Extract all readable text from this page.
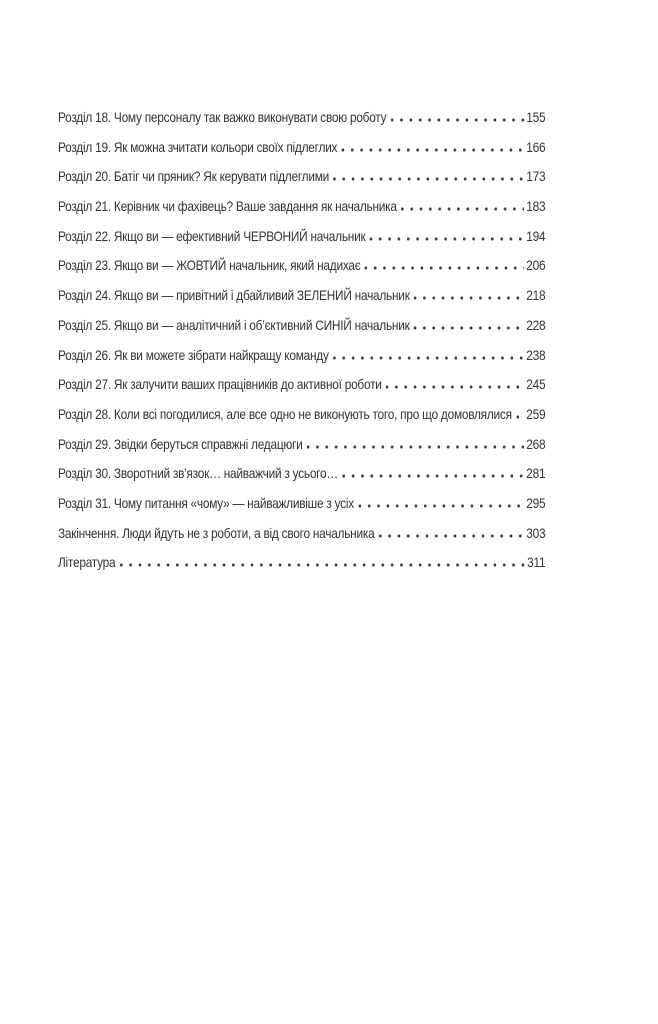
Розділ 18. Чому персоналу так важко виконувати свою роботу	155
Розділ 19. Як можна зчитати кольори своїх підлеглих	166
Розділ 20. Батіг чи пряник? Як керувати підлеглими	173
Розділ 21. Керівник чи фахівець? Ваше завдання як начальника	183
Розділ 22. Якщо ви — ефективний ЧЕРВОНИЙ начальник	194
Розділ 23. Якщо ви — ЖОВТИЙ начальник, який надихає	206
Розділ 24. Якщо ви — привітний і дбайливий ЗЕЛЕНИЙ начальник	218
Розділ 25. Якщо ви — аналітичний і об’єктивний СИНІЙ начальник	228
Розділ 26. Як ви можете зібрати найкращу команду	238
Розділ 27. Як залучити ваших працівників до активної роботи	245
Розділ 28. Коли всі погодилися, але все одно не виконують того, про що домовлялися 259
Розділ 29. Звідки беруться справжні ледацюги	268
Розділ 30. Зворотний зв’язок… найважчий з усього…	281
Розділ 31. Чому питання «чому» — найважливіше з усіх	295
Закінчення. Люди йдуть не з роботи, а від свого начальника	303
Література	311
